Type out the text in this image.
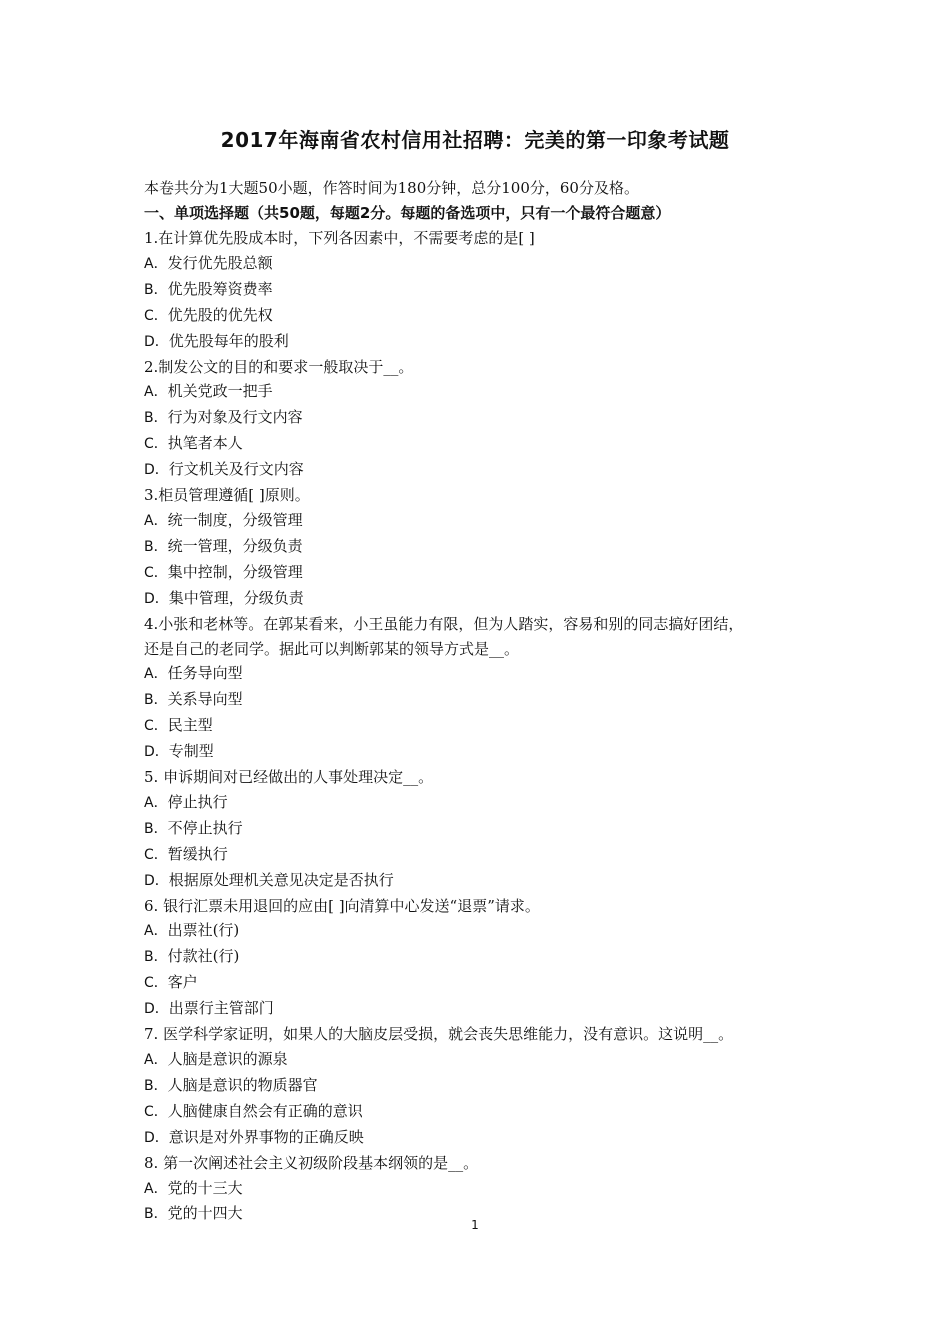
2017年海南省农村信用社招聘：完美的第一印象考试题
本卷共分为1大题50小题，作答时间为180分钟，总分100分，60分及格。
一、单项选择题（共50题，每题2分。每题的备选项中，只有一个最符合题意）

1.在计算优先股成本时，下列各因素中，不需要考虑的是[ ]

A．发行优先股总额

B．优先股筹资费率

C．优先股的优先权

D．优先股每年的股利

2.制发公文的目的和要求一般取决于__。

A．机关党政一把手

B．行为对象及行文内容

C．执笔者本人

D．行文机关及行文内容

3.柜员管理遵循[ ]原则。

A．统一制度，分级管理

B．统一管理，分级负责

C．集中控制，分级管理

D．集中管理，分级负责

4.小张和老林等。在郭某看来，小王虽能力有限，但为人踏实，容易和别的同志搞好团结，

还是自己的老同学。据此可以判断郭某的领导方式是__。

A．任务导向型

B．关系导向型

C．民主型

D．专制型

5. 申诉期间对已经做出的人事处理决定__。

A．停止执行

B．不停止执行

C．暂缓执行

D．根据原处理机关意见决定是否执行

6. 银行汇票未用退回的应由[ ]向清算中心发送“退票”请求。

A．出票社(行)

B．付款社(行)

C．客户

D．出票行主管部门

7. 医学科学家证明，如果人的大脑皮层受损，就会丧失思维能力，没有意识。这说明__。

A．人脑是意识的源泉

B．人脑是意识的物质器官

C．人脑健康自然会有正确的意识

D．意识是对外界事物的正确反映

8. 第一次阐述社会主义初级阶段基本纲领的是__。

A．党的十三大

B．党的十四大

1
